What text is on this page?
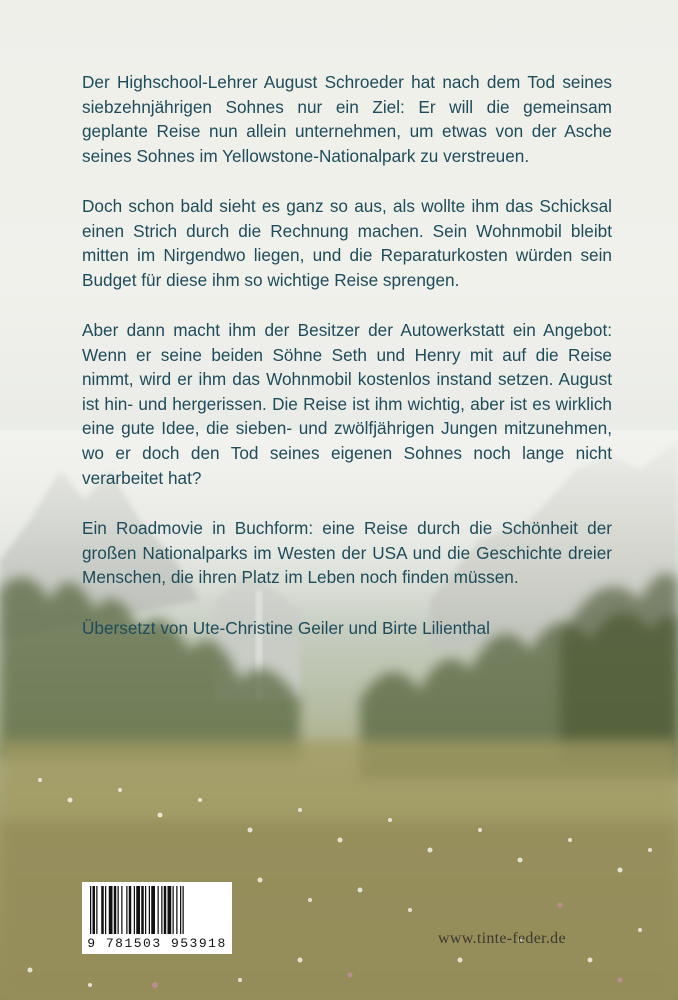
Der Highschool-Lehrer August Schroeder hat nach dem Tod seines siebzehnjährigen Sohnes nur ein Ziel: Er will die gemeinsam geplante Reise nun allein unternehmen, um etwas von der Asche seines Sohnes im Yellowstone-Nationalpark zu verstreuen.

Doch schon bald sieht es ganz so aus, als wollte ihm das Schicksal einen Strich durch die Rechnung machen. Sein Wohnmobil bleibt mitten im Nirgendwo liegen, und die Reparaturkosten würden sein Budget für diese ihm so wichtige Reise sprengen.

Aber dann macht ihm der Besitzer der Autowerkstatt ein Angebot: Wenn er seine beiden Söhne Seth und Henry mit auf die Reise nimmt, wird er ihm das Wohnmobil kostenlos instand setzen. August ist hin- und hergerissen. Die Reise ist ihm wichtig, aber ist es wirklich eine gute Idee, die sieben- und zwölfjährigen Jungen mitzunehmen, wo er doch den Tod seines eigenen Sohnes noch lange nicht verarbeitet hat?

Ein Roadmovie in Buchform: eine Reise durch die Schönheit der großen Nationalparks im Westen der USA und die Geschichte dreier Menschen, die ihren Platz im Leben noch finden müssen.

Übersetzt von Ute-Christine Geiler und Birte Lilienthal

9 781503 953918	www.tinte-feder.de
